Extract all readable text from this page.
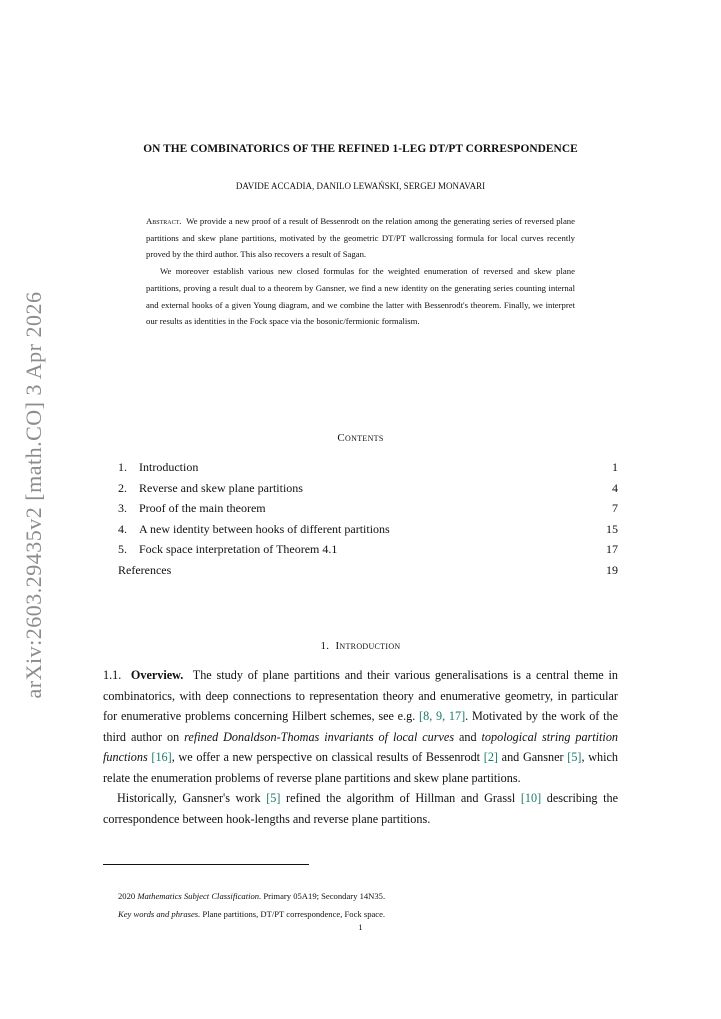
arXiv:2603.29435v2 [math.CO] 3 Apr 2026
ON THE COMBINATORICS OF THE REFINED 1-LEG DT/PT CORRESPONDENCE
DAVIDE ACCADIA, DANILO LEWAŃSKI, SERGEJ MONAVARI

Abstract. We provide a new proof of a result of Bessenrodt on the relation among the generating series of reversed plane partitions and skew plane partitions, motivated by the geometric DT/PT wallcrossing formula for local curves recently proved by the third author. This also recovers a result of Sagan.

We moreover establish various new closed formulas for the weighted enumeration of reversed and skew plane partitions, proving a result dual to a theorem by Gansner, we find a new identity on the generating series counting internal and external hooks of a given Young diagram, and we combine the latter with Bessenrodt's theorem. Finally, we interpret our results as identities in the Fock space via the bosonic/fermionic formalism.

Contents
1. Introduction	1
2. Reverse and skew plane partitions	4
3. Proof of the main theorem	7
4. A new identity between hooks of different partitions	15
5. Fock space interpretation of Theorem 4.1	17
References	19
1. Introduction

1.1. Overview. The study of plane partitions and their various generalisations is a central theme in combinatorics, with deep connections to representation theory and enumerative geometry, in particular for enumerative problems concerning Hilbert schemes, see e.g. [8, 9, 17]. Motivated by the work of the third author on refined Donaldson-Thomas invariants of local curves and topological string partition functions [16], we offer a new perspective on classical results of Bessenrodt [2] and Gansner [5], which relate the enumeration problems of reverse plane partitions and skew plane partitions.

Historically, Gansner's work [5] refined the algorithm of Hillman and Grassl [10] describing the correspondence between hook-lengths and reverse plane partitions.

2020 Mathematics Subject Classification. Primary 05A19; Secondary 14N35.
Key words and phrases. Plane partitions, DT/PT correspondence, Fock space.
1
